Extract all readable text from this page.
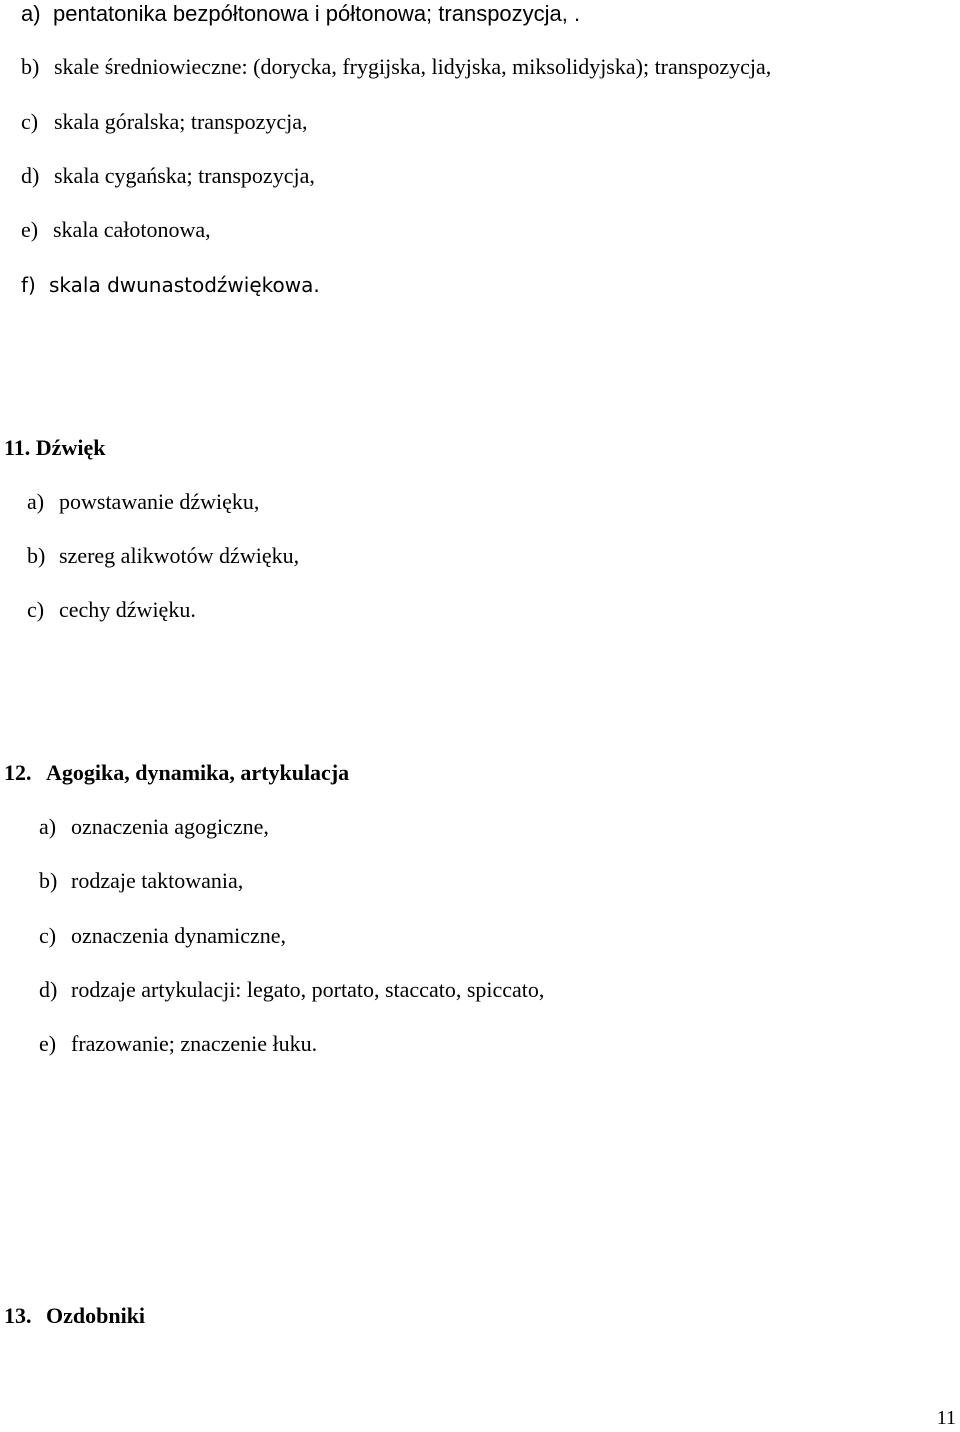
a) pentatonika bezpółtonowa i półtonowa; transpozycja, .
b) skale średniowieczne: (dorycka, frygijska, lidyjska, miksolidyjska); transpozycja,
c) skala góralska; transpozycja,
d) skala cygańska; transpozycja,
e) skala całotonowa,
f) skala dwunastodźwiękowa.
11. Dźwięk
a) powstawanie dźwięku,
b) szereg alikwotów dźwięku,
c) cechy dźwięku.
12. Agogika, dynamika, artykulacja
a) oznaczenia agogiczne,
b) rodzaje taktowania,
c) oznaczenia dynamiczne,
d) rodzaje artykulacji: legato, portato, staccato, spiccato,
e) frazowanie; znaczenie łuku.
13. Ozdobniki
11
